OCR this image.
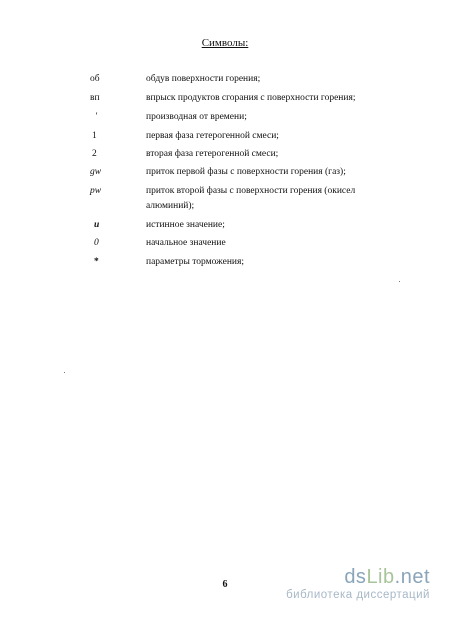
Символы:
об	обдув поверхности горения;
вп	впрыск продуктов сгорания с поверхности горения;
′	производная от времени;
1	первая фаза гетерогенной смеси;
2	вторая фаза гетерогенной смеси;
gw	приток первой фазы с поверхности горения (газ);
pw	приток второй фазы с поверхности горения (окисел
алюминий);
u	истинное значение;
0	начальное значение
*	параметры торможения;
6	dsLib.net
библиотека диссертаций
